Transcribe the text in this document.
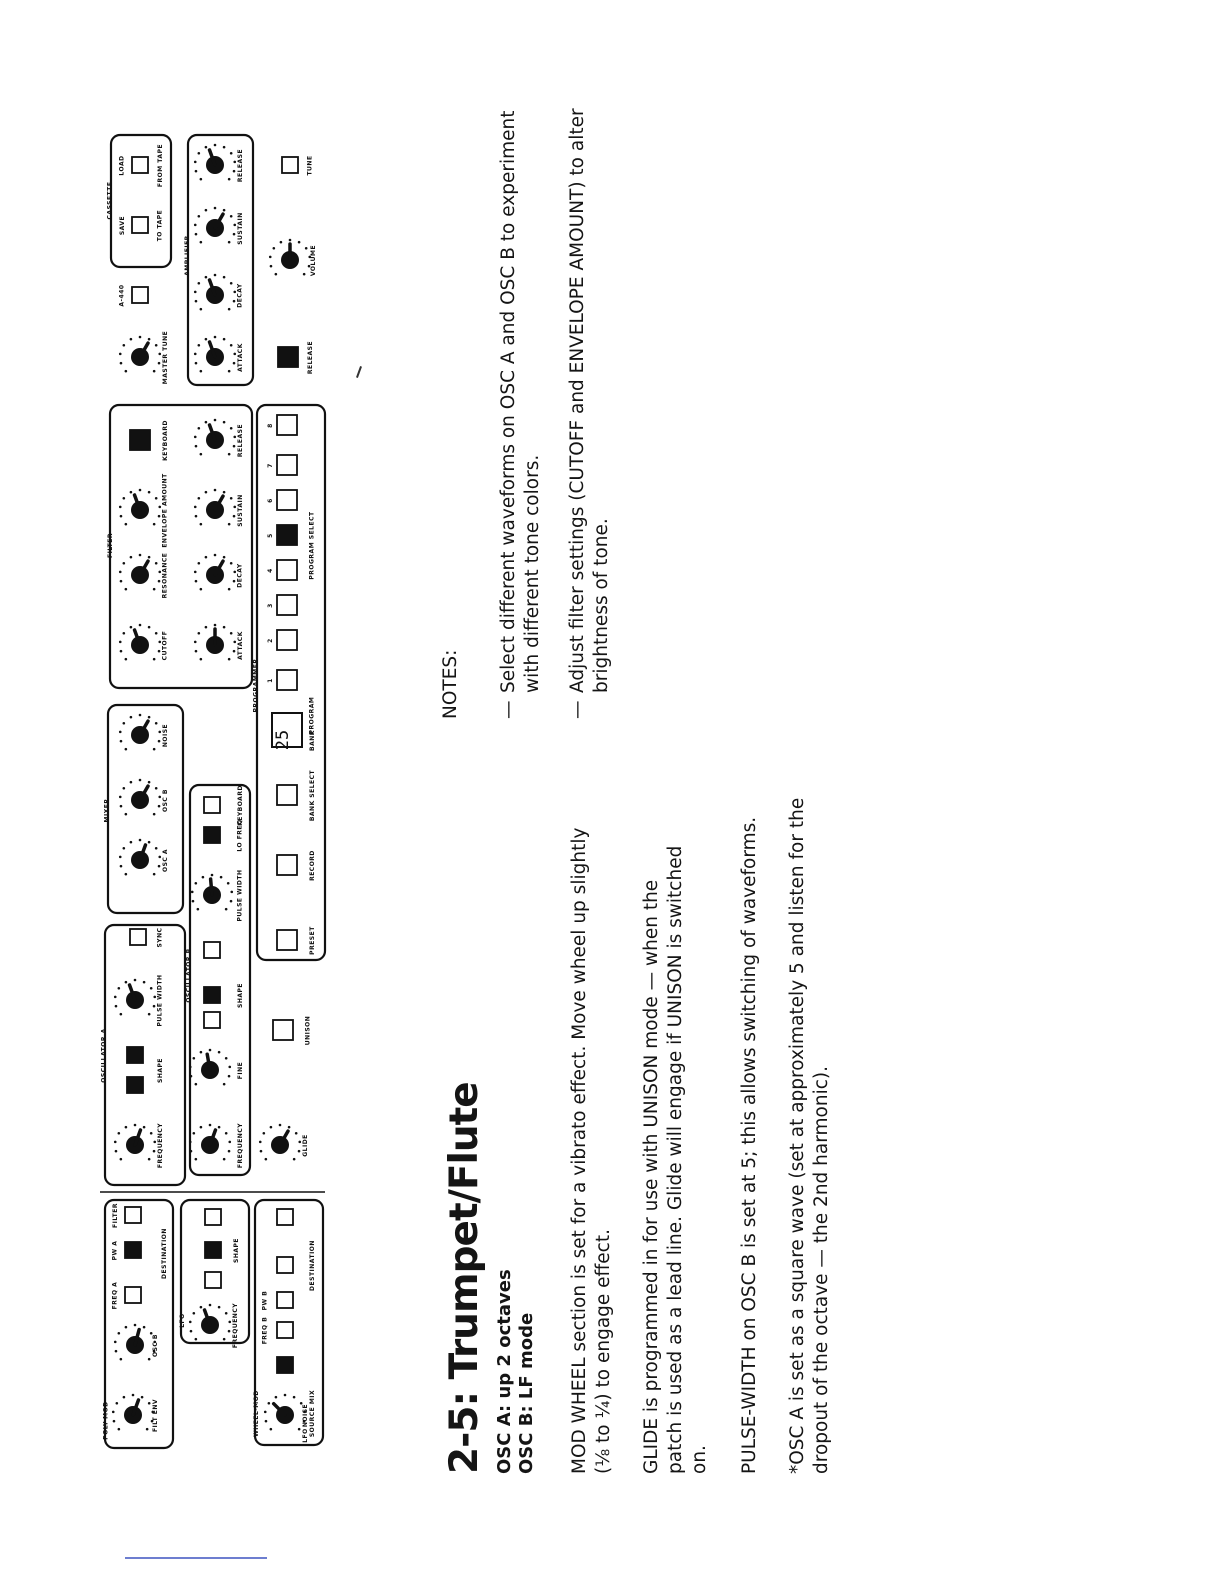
25
POLY-MOD
LFO
WHEEL-MOD
OSCILLATOR A
OSCILLATOR B
MIXER
FILTER
PROGRAMMER
AMPLIFIER
CASSETTE
FILT ENV
OSC B
FREQ A
PW A
FILTER
DESTINATION
FREQUENCY
SHAPE
LFO
NOISE SOURCE MIX
FREQ B
PW B
DESTINATION
FREQUENCY
SHAPE
PULSE WIDTH
SYNC
FREQUENCY
FINE
SHAPE
PULSE WIDTH
LO FREQ
KEYBOARD
OSC A
OSC B
NOISE
GLIDE
UNISON
CUTOFF
RESONANCE
ENVELOPE AMOUNT
KEYBOARD
ATTACK
DECAY
SUSTAIN
RELEASE
PRESET
RECORD
BANK SELECT
BANK
PROGRAM
PROGRAM SELECT
1
2
3
4
5
6
7
8
MASTER TUNE
A-440
SAVE
LOAD
TO TAPE
FROM TAPE
ATTACK
DECAY
SUSTAIN
RELEASE
RELEASE
VOLUME
TUNE
2-5: Trumpet/Flute OSC A: up 2 octaves OSC B: LF mode MOD WHEEL section is set for a vibrato effect. Move wheel up slightly (⅛ to ¼) to engage effect. GLIDE is programmed in for use with UNISON mode — when the patch is used as a lead line. Glide will engage if UNISON is switched on. PULSE-WIDTH on OSC B is set at 5; this allows switching of waveforms. *OSC A is set as a square wave (set at approximately 5 and listen for the dropout of the octave — the 2nd harmonic).
NOTES: —
Select different waveforms on OSC A and OSC B to experiment with different tone colors.
—
Adjust filter settings (CUTOFF and ENVELOPE AMOUNT) to alter brightness of tone.
